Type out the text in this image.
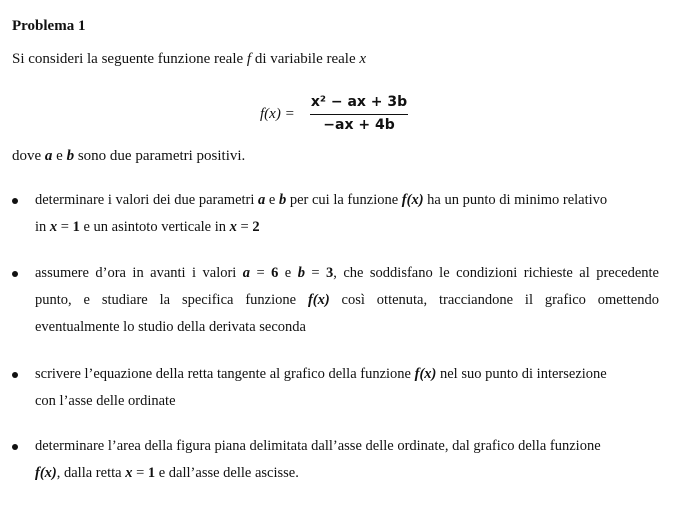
Problema 1
Si consideri la seguente funzione reale f di variabile reale x
f(x) =
x² − ax + 3b
−ax + 4b
dove a e b sono due parametri positivi.
determinare i valori dei due parametri a e b per cui la funzione f(x) ha un punto di minimo relativo
in x = 1 e un asintoto verticale in x = 2
assumere d’ora in avanti i valori a = 6 e b = 3, che soddisfano le condizioni richieste al precedente
punto, e studiare la specifica funzione f(x) così ottenuta, tracciandone il grafico omettendo
eventualmente lo studio della derivata seconda
scrivere l’equazione della retta tangente al grafico della funzione f(x) nel suo punto di intersezione
con l’asse delle ordinate
determinare l’area della figura piana delimitata dall’asse delle ordinate, dal grafico della funzione
f(x), dalla retta x = 1 e dall’asse delle ascisse.
